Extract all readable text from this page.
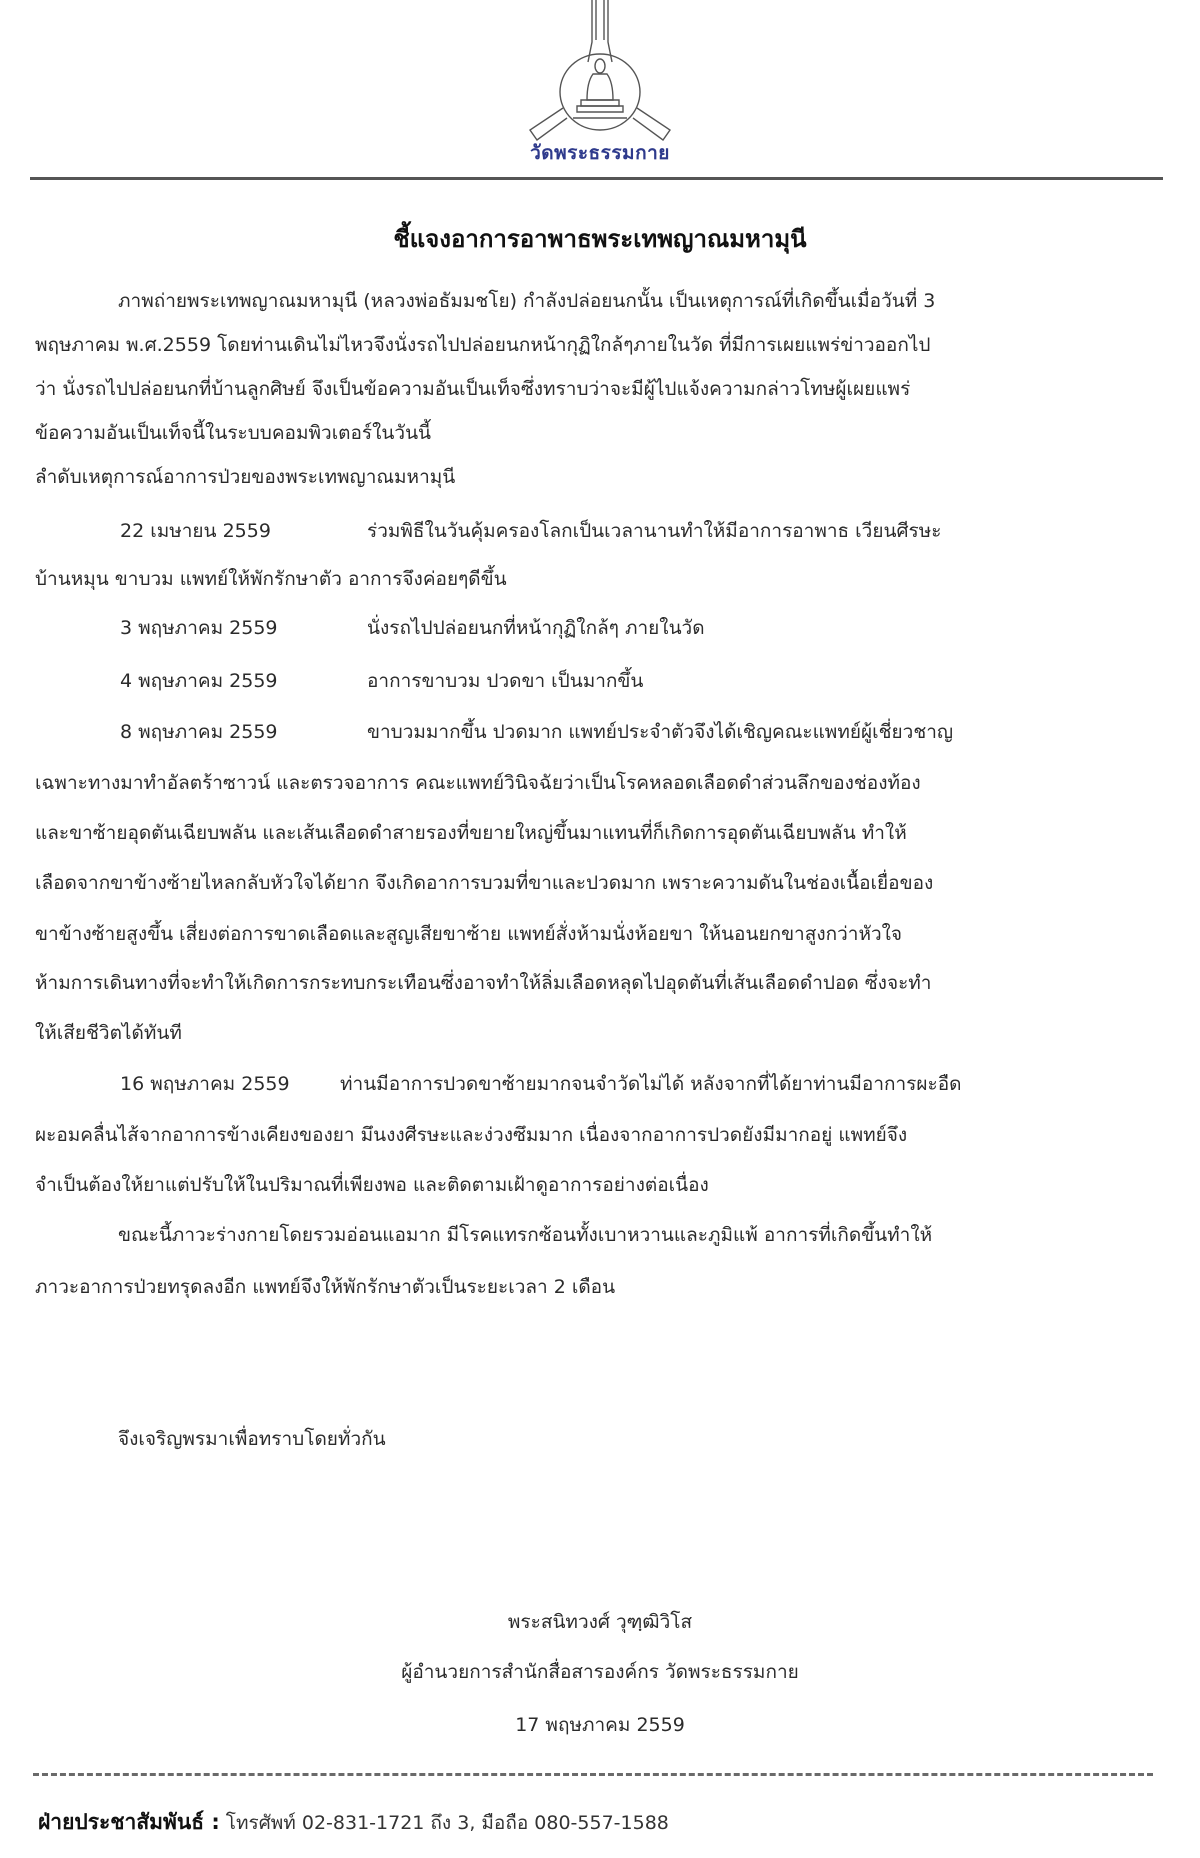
วัดพระธรรมกาย
ชี้แจงอาการอาพาธพระเทพญาณมหามุนี
ภาพถ่ายพระเทพญาณมหามุนี (หลวงพ่อธัมมชโย) กำลังปล่อยนกนั้น เป็นเหตุการณ์ที่เกิดขึ้นเมื่อวันที่ 3
พฤษภาคม พ.ศ.2559 โดยท่านเดินไม่ไหวจึงนั่งรถไปปล่อยนกหน้ากุฏิใกล้ๆภายในวัด ที่มีการเผยแพร่ข่าวออกไป
ว่า นั่งรถไปปล่อยนกที่บ้านลูกศิษย์ จึงเป็นข้อความอันเป็นเท็จซึ่งทราบว่าจะมีผู้ไปแจ้งความกล่าวโทษผู้เผยแพร่
ข้อความอันเป็นเท็จนี้ในระบบคอมพิวเตอร์ในวันนี้
ลำดับเหตุการณ์อาการป่วยของพระเทพญาณมหามุนี
22 เมษายน 2559	ร่วมพิธีในวันคุ้มครองโลกเป็นเวลานานทำให้มีอาการอาพาธ เวียนศีรษะ
บ้านหมุน ขาบวม แพทย์ให้พักรักษาตัว อาการจึงค่อยๆดีขึ้น
3 พฤษภาคม 2559	นั่งรถไปปล่อยนกที่หน้ากุฏิใกล้ๆ ภายในวัด
4 พฤษภาคม 2559	อาการขาบวม ปวดขา เป็นมากขึ้น
8 พฤษภาคม 2559	ขาบวมมากขึ้น ปวดมาก แพทย์ประจำตัวจึงได้เชิญคณะแพทย์ผู้เชี่ยวชาญ
เฉพาะทางมาทำอัลตร้าซาวน์ และตรวจอาการ คณะแพทย์วินิจฉัยว่าเป็นโรคหลอดเลือดดำส่วนลึกของช่องท้อง
และขาซ้ายอุดตันเฉียบพลัน และเส้นเลือดดำสายรองที่ขยายใหญ่ขึ้นมาแทนที่ก็เกิดการอุดตันเฉียบพลัน ทำให้
เลือดจากขาข้างซ้ายไหลกลับหัวใจได้ยาก จึงเกิดอาการบวมที่ขาและปวดมาก เพราะความดันในช่องเนื้อเยื่อของ
ขาข้างซ้ายสูงขึ้น เสี่ยงต่อการขาดเลือดและสูญเสียขาซ้าย แพทย์สั่งห้ามนั่งห้อยขา ให้นอนยกขาสูงกว่าหัวใจ
ห้ามการเดินทางที่จะทำให้เกิดการกระทบกระเทือนซึ่งอาจทำให้ลิ่มเลือดหลุดไปอุดตันที่เส้นเลือดดำปอด ซึ่งจะทำ
ให้เสียชีวิตได้ทันที
16 พฤษภาคม 2559	ท่านมีอาการปวดขาซ้ายมากจนจำวัดไม่ได้ หลังจากที่ได้ยาท่านมีอาการผะอืด
ผะอมคลื่นไส้จากอาการข้างเคียงของยา มึนงงศีรษะและง่วงซึมมาก เนื่องจากอาการปวดยังมีมากอยู่ แพทย์จึง
จำเป็นต้องให้ยาแต่ปรับให้ในปริมาณที่เพียงพอ และติดตามเฝ้าดูอาการอย่างต่อเนื่อง
ขณะนี้ภาวะร่างกายโดยรวมอ่อนแอมาก มีโรคแทรกซ้อนทั้งเบาหวานและภูมิแพ้ อาการที่เกิดขึ้นทำให้
ภาวะอาการป่วยทรุดลงอีก แพทย์จึงให้พักรักษาตัวเป็นระยะเวลา 2 เดือน
จึงเจริญพรมาเพื่อทราบโดยทั่วกัน
พระสนิทวงศ์ วุฑฺฒิวิโส
ผู้อำนวยการสำนักสื่อสารองค์กร วัดพระธรรมกาย
17 พฤษภาคม 2559
ฝ่ายประชาสัมพันธ์ : โทรศัพท์ 02-831-1721 ถึง 3, มือถือ 080-557-1588
